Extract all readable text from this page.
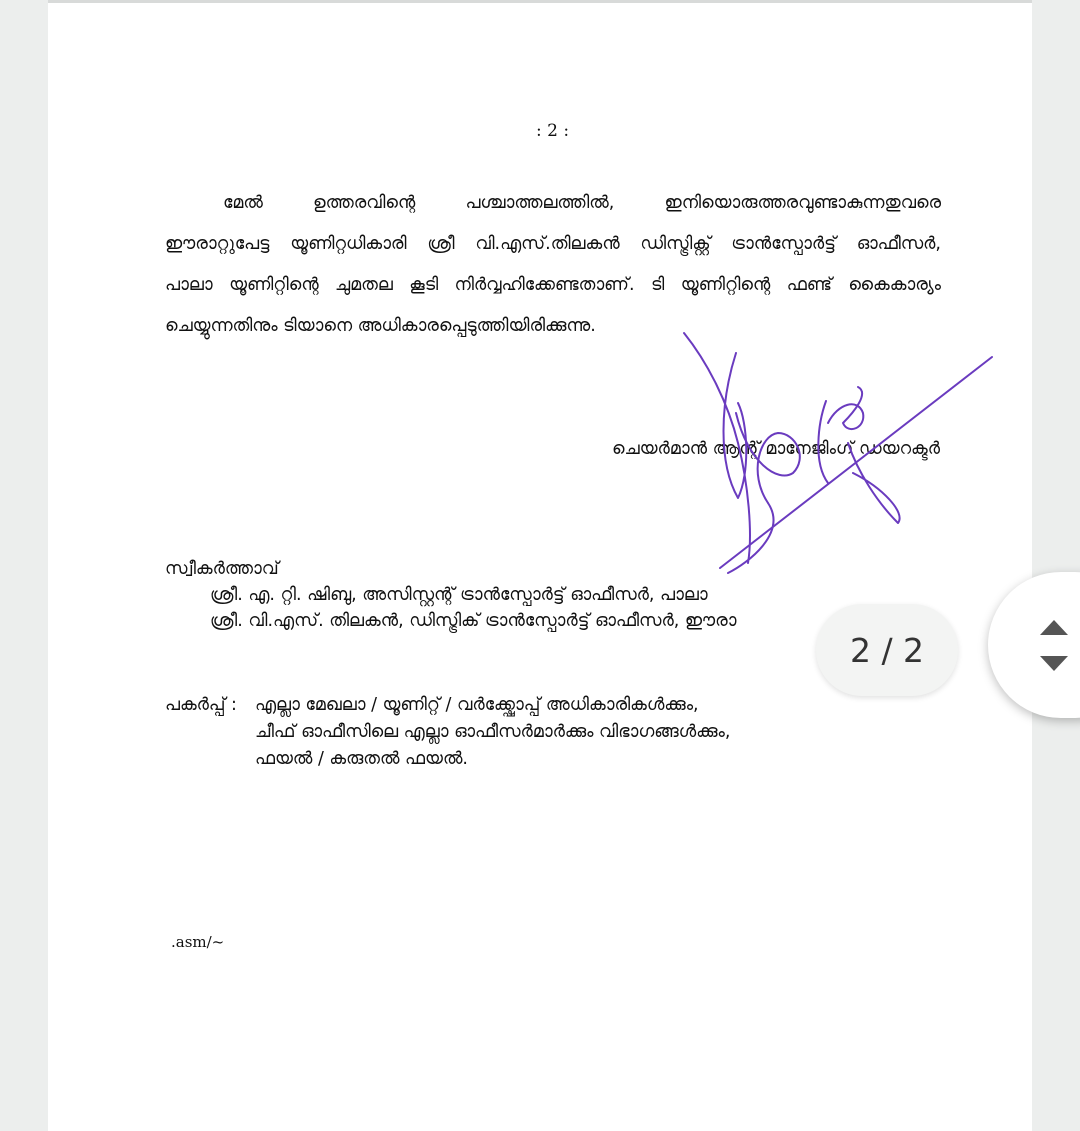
: 2 :
മേൽ ഉത്തരവിന്റെ പശ്ചാത്തലത്തിൽ, ഇനിയൊരുത്തരവുണ്ടാകുന്നതുവരെ
ഈരാറ്റുപേട്ട യൂണിറ്റധികാരി ശ്രീ വി.എസ്.തിലകൻ ഡിസ്ട്രിക്റ്റ് ട്രാൻസ്പോർട്ട് ഓഫീസർ,
പാലാ യൂണിറ്റിന്റെ ചുമതല കൂടി നിർവ്വഹിക്കേണ്ടതാണ്. ടി യൂണിറ്റിന്റെ ഫണ്ട് കൈകാര്യം
ചെയ്യുന്നതിനും ടിയാനെ അധികാരപ്പെടുത്തിയിരിക്കുന്നു.
ചെയർമാൻ ആന്റ് മാനേജിംഗ് ഡയറക്ടർ
സ്വീകർത്താവ്
ശ്രീ. എ. റ്റി. ഷിബു, അസിസ്റ്റന്റ് ട്രാൻസ്പോർട്ട് ഓഫീസർ, പാലാ
ശ്രീ. വി.എസ്. തിലകൻ, ഡിസ്ട്രിക് ട്രാൻസ്പോർട്ട് ഓഫീസർ, ഈരാ
പകർപ്പ് : എല്ലാ മേഖലാ / യൂണിറ്റ് / വർക്ക്ഷോപ്പ് അധികാരികൾക്കും,
ചീഫ് ഓഫീസിലെ എല്ലാ ഓഫീസർമാർക്കും വിഭാഗങ്ങൾക്കും,
ഫയൽ / കരുതൽ ഫയൽ.
.asm/~
2 / 2
